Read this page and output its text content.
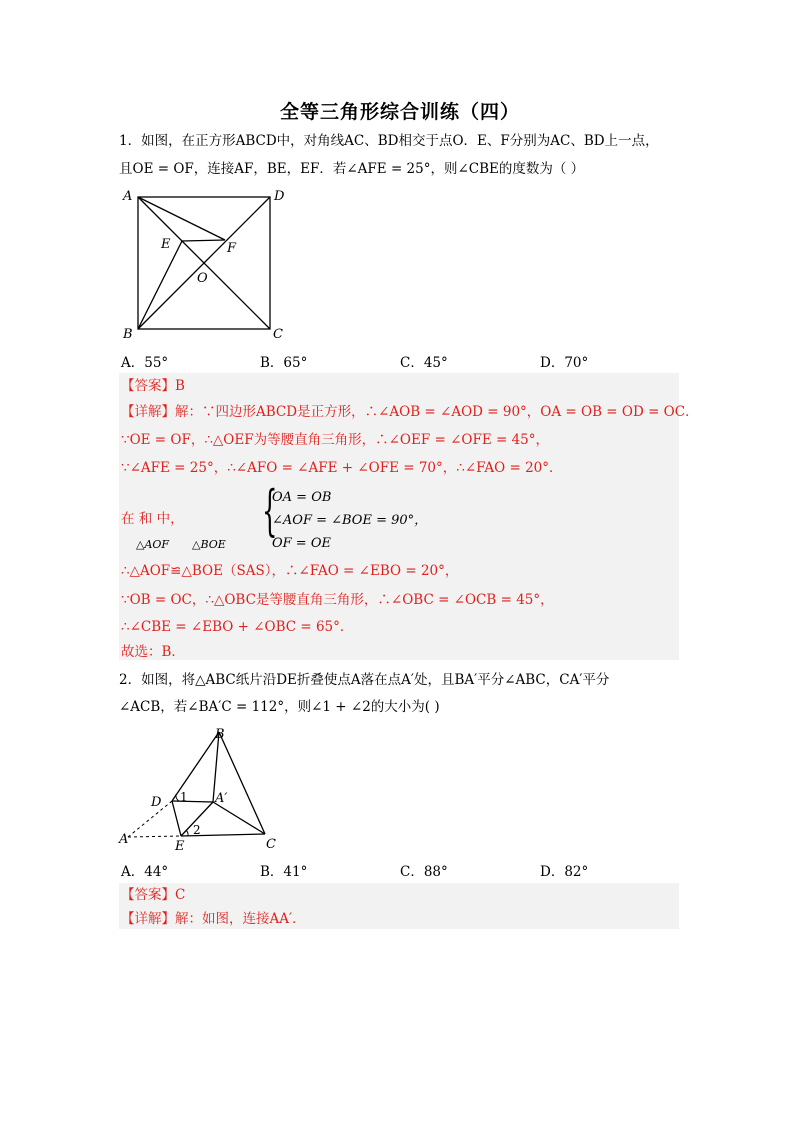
全等三角形综合训练（四）
1．如图，在正方形ABCD中，对角线AC、BD相交于点O．E、F分别为AC、BD上一点，
且OE = OF，连接AF，BE，EF．若∠AFE = 25°，则∠CBE的度数为（ ）
A	D
B	C
E	F
O
A．55°	B．65°	C．45°	D．70°
【答案】B
【详解】解：∵四边形ABCD是正方形，∴∠AOB = ∠AOD = 90°，OA = OB = OD = OC．
∵OE = OF，∴△OEF为等腰直角三角形，∴∠OEF = ∠OFE = 45°，
∵∠AFE = 25°，∴∠AFO = ∠AFE + ∠OFE = 70°，∴∠FAO = 20°．
在 和 中，
△AOF △BOE
{
OA = OB
∠AOF = ∠BOE = 90°，
OF = OE
∴△AOF≌△BOE（SAS），∴∠FAO = ∠EBO = 20°，
∵OB = OC，∴△OBC是等腰直角三角形，∴∠OBC = ∠OCB = 45°，
∴∠CBE = ∠EBO + ∠OBC = 65°．
故选：B．
2．如图，将△ABC纸片沿DE折叠使点A落在点A′处，且BA′平分∠ABC，CA′平分
∠ACB，若∠BA′C = 112°，则∠1 + ∠2的大小为( )
B
D	A′
A	E	C
1
2
A．44°	B．41°	C．88°	D．82°
【答案】C
【详解】解：如图，连接AA′．
